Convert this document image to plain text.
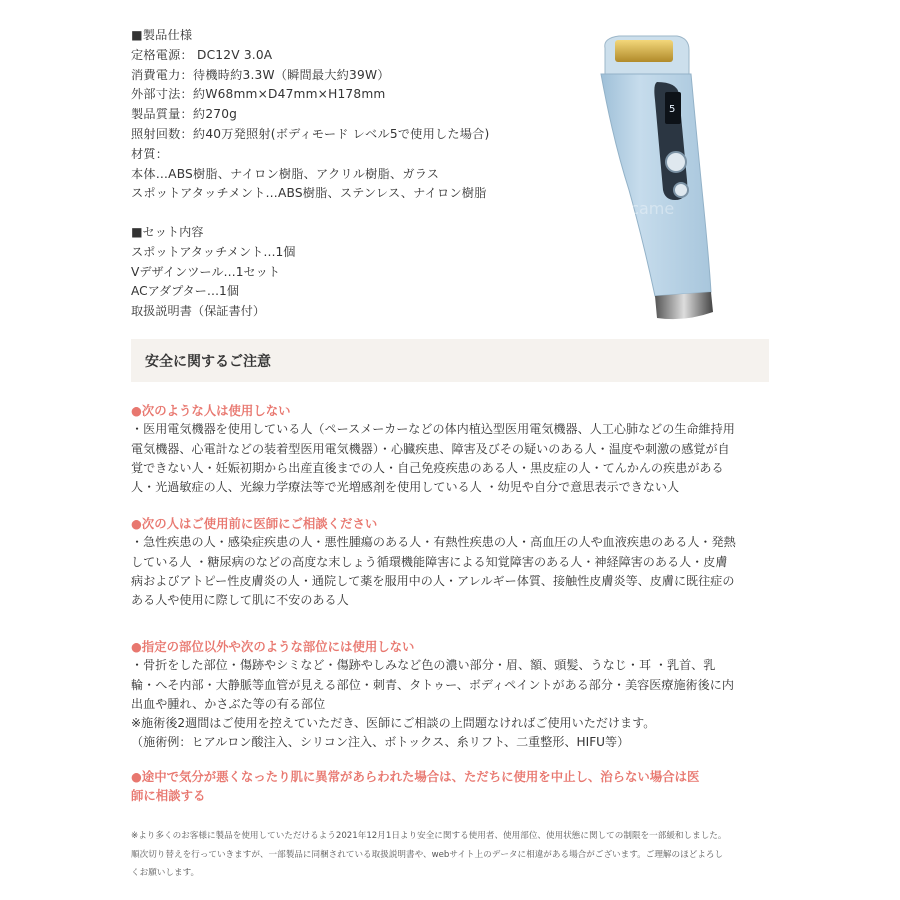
■製品仕様
定格電源： DC12V 3.0A
消費電力：待機時約3.3W（瞬間最大約39W）
外部寸法：約W68mm×D47mm×H178mm
製品質量：約270g
照射回数：約40万発照射(ボディモード レベル5で使用した場合)
材質：
本体…ABS樹脂、ナイロン樹脂、アクリル樹脂、ガラス
スポットアタッチメント…ABS樹脂、ステンレス、ナイロン樹脂
■セット内容
スポットアタッチメント…1個
Vデザインツール…1セット
ACアダプター…1個
取扱説明書（保証書付）
5
matsucame
安全に関するご注意
●次のような人は使用しない
・医用電気機器を使用している人（ペースメーカーなどの体内植込型医用電気機器、人工心肺などの生命維持用
電気機器、心電計などの装着型医用電気機器）・心臓疾患、障害及びその疑いのある人・温度や刺激の感覚が自
覚できない人・妊娠初期から出産直後までの人・自己免疫疾患のある人・黒皮症の人・てんかんの疾患がある
人・光過敏症の人、光線力学療法等で光増感剤を使用している人 ・幼児や自分で意思表示できない人
●次の人はご使用前に医師にご相談ください
・急性疾患の人・感染症疾患の人・悪性腫瘍のある人・有熱性疾患の人・高血圧の人や血液疾患のある人・発熱
している人 ・糖尿病のなどの高度な末しょう循環機能障害による知覚障害のある人・神経障害のある人・皮膚
病およびアトピー性皮膚炎の人・通院して薬を服用中の人・アレルギー体質、接触性皮膚炎等、皮膚に既往症の
ある人や使用に際して肌に不安のある人
●指定の部位以外や次のような部位には使用しない
・骨折をした部位・傷跡やシミなど・傷跡やしみなど色の濃い部分・眉、額、頭髪、うなじ・耳 ・乳首、乳
輪・へそ内部・大静脈等血管が見える部位・刺青、タトゥー、ボディペイントがある部分・美容医療施術後に内
出血や腫れ、かさぶた等の有る部位
※施術後2週間はご使用を控えていただき、医師にご相談の上問題なければご使用いただけます。
（施術例：ヒアルロン酸注入、シリコン注入、ボトックス、糸リフト、二重整形、HIFU等）
●途中で気分が悪くなったり肌に異常があらわれた場合は、ただちに使用を中止し、治らない場合は医
師に相談する
※より多くのお客様に製品を使用していただけるよう2021年12月1日より安全に関する使用者、使用部位、使用状態に関しての制限を一部緩和しました。
順次切り替えを行っていきますが、一部製品に同梱されている取扱説明書や、webサイト上のデータに相違がある場合がございます。ご理解のほどよろし
くお願いします。
